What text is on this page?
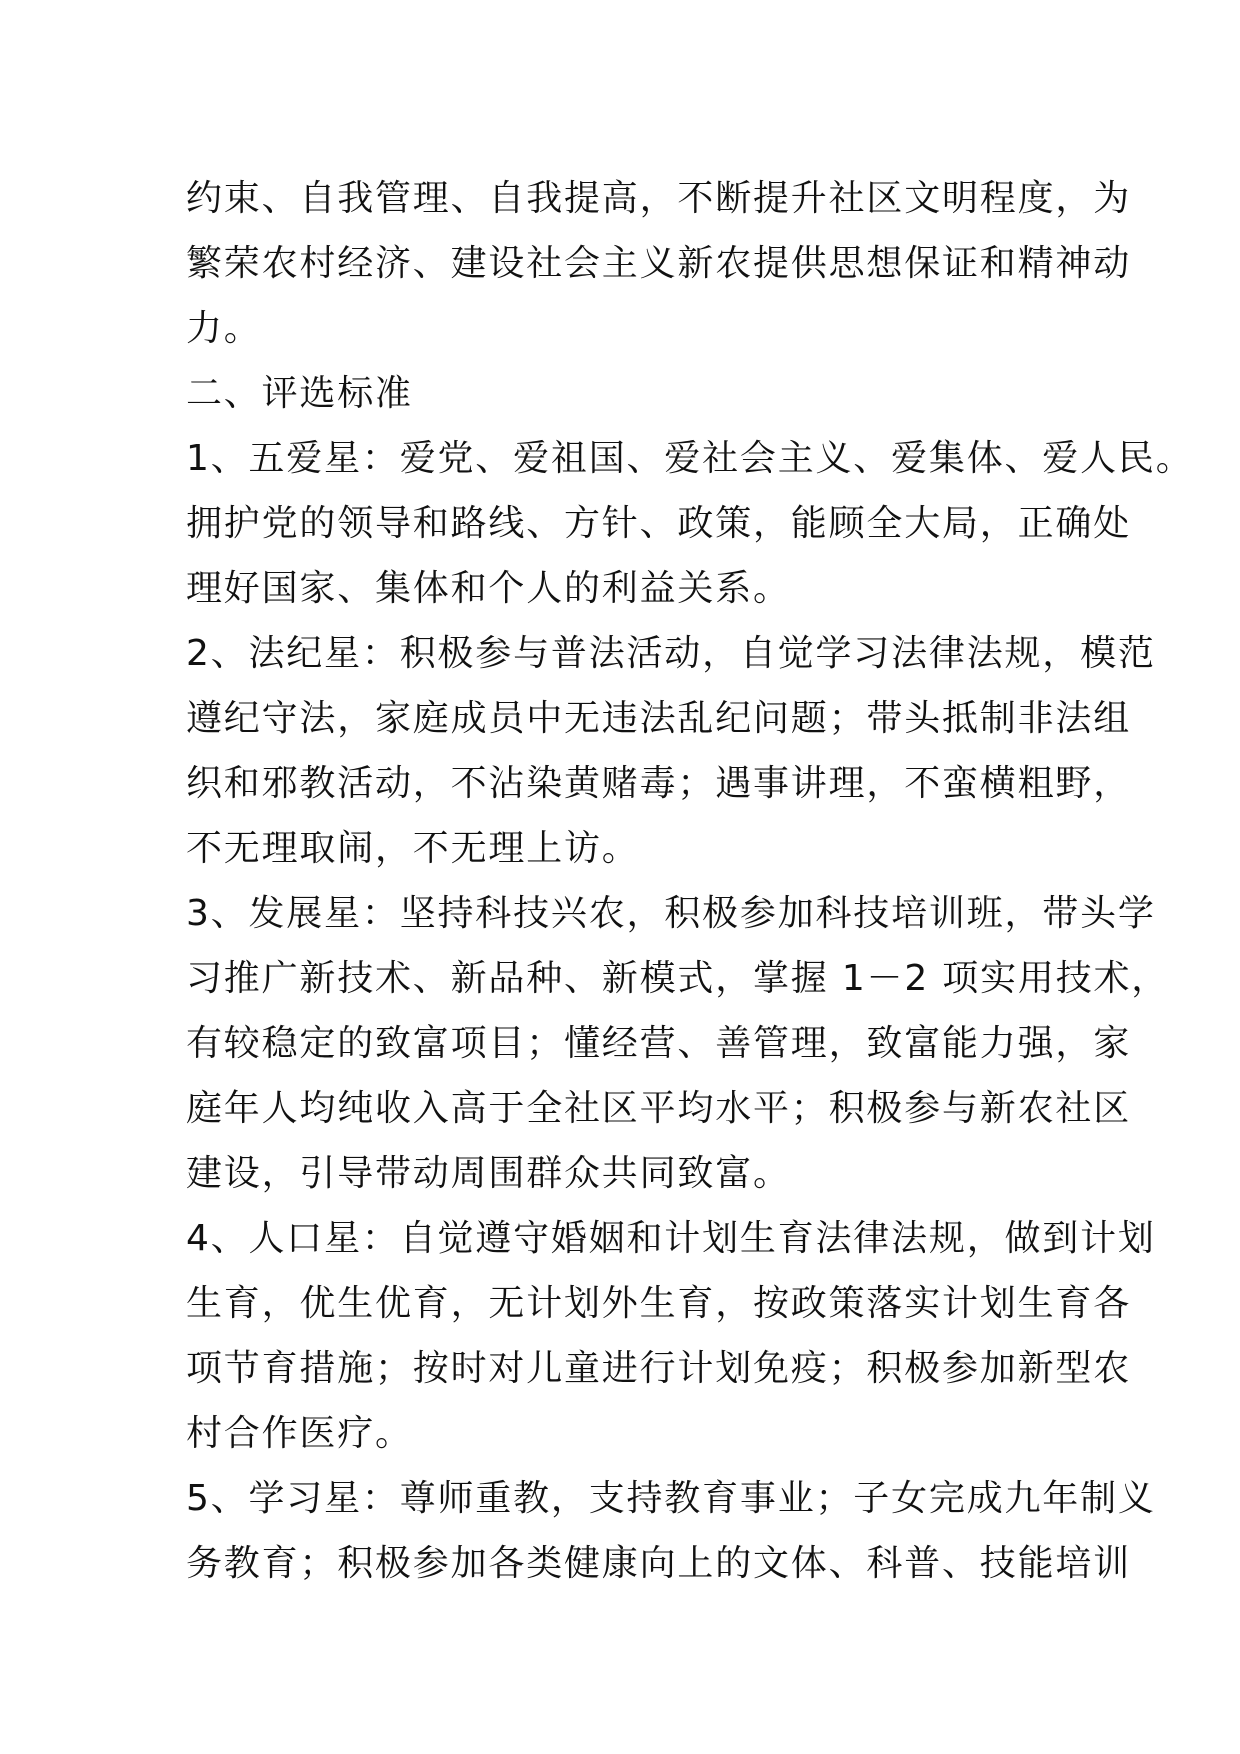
约束、自我管理、自我提高，不断提升社区文明程度，为
繁荣农村经济、建设社会主义新农提供思想保证和精神动
力。
二、评选标准
1、五爱星：爱党、爱祖国、爱社会主义、爱集体、爱人民。
拥护党的领导和路线、方针、政策，能顾全大局，正确处
理好国家、集体和个人的利益关系。
2、法纪星：积极参与普法活动，自觉学习法律法规，模范
遵纪守法，家庭成员中无违法乱纪问题；带头抵制非法组
织和邪教活动，不沾染黄赌毒；遇事讲理，不蛮横粗野，
不无理取闹，不无理上访。
3、发展星：坚持科技兴农，积极参加科技培训班，带头学
习推广新技术、新品种、新模式，掌握 1－2 项实用技术，
有较稳定的致富项目；懂经营、善管理，致富能力强，家
庭年人均纯收入高于全社区平均水平；积极参与新农社区
建设，引导带动周围群众共同致富。
4、人口星：自觉遵守婚姻和计划生育法律法规，做到计划
生育，优生优育，无计划外生育，按政策落实计划生育各
项节育措施；按时对儿童进行计划免疫；积极参加新型农
村合作医疗。
5、学习星：尊师重教，支持教育事业；子女完成九年制义
务教育；积极参加各类健康向上的文体、科普、技能培训
